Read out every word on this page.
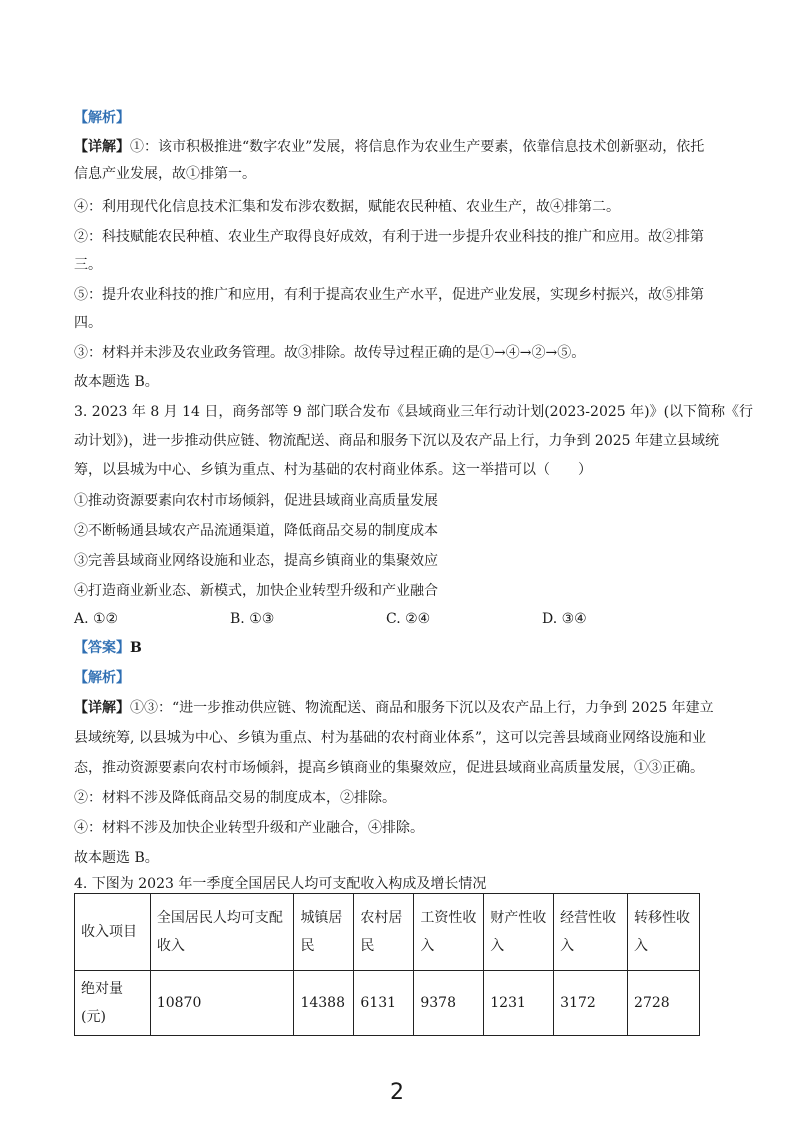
【解析】
【详解】①：该市积极推进“数字农业”发展，将信息作为农业生产要素，依靠信息技术创新驱动，依托
信息产业发展，故①排第一。
④：利用现代化信息技术汇集和发布涉农数据，赋能农民种植、农业生产，故④排第二。
②：科技赋能农民种植、农业生产取得良好成效，有利于进一步提升农业科技的推广和应用。故②排第
三。
⑤：提升农业科技的推广和应用，有利于提高农业生产水平，促进产业发展，实现乡村振兴，故⑤排第
四。
③：材料并未涉及农业政务管理。故③排除。故传导过程正确的是①→④→②→⑤。
故本题选 B。
3. 2023 年 8 月 14 日，商务部等 9 部门联合发布《县域商业三年行动计划(2023-2025 年)》(以下简称《行
动计划》)，进一步推动供应链、物流配送、商品和服务下沉以及农产品上行，力争到 2025 年建立县域统
筹，以县城为中心、乡镇为重点、村为基础的农村商业体系。这一举措可以（　　）
①推动资源要素向农村市场倾斜，促进县域商业高质量发展
②不断畅通县域农产品流通渠道，降低商品交易的制度成本
③完善县域商业网络设施和业态，提高乡镇商业的集聚效应
④打造商业新业态、新模式，加快企业转型升级和产业融合
A. ①②	B. ①③	C. ②④	D. ③④
【答案】B
【解析】
【详解】①③：“进一步推动供应链、物流配送、商品和服务下沉以及农产品上行，力争到 2025 年建立
县域统筹, 以县城为中心、乡镇为重点、村为基础的农村商业体系”，这可以完善县域商业网络设施和业
态，推动资源要素向农村市场倾斜，提高乡镇商业的集聚效应，促进县域商业高质量发展，①③正确。
②：材料不涉及降低商品交易的制度成本，②排除。
④：材料不涉及加快企业转型升级和产业融合，④排除。
故本题选 B。
4. 下图为 2023 年一季度全国居民人均可支配收入构成及增长情况
收入项目	全国居民人均可支配收入	城镇居民	农村居民	工资性收入	财产性收入	经营性收入	转移性收入
绝对量(元)	10870	14388	6131	9378	1231	3172	2728
2
